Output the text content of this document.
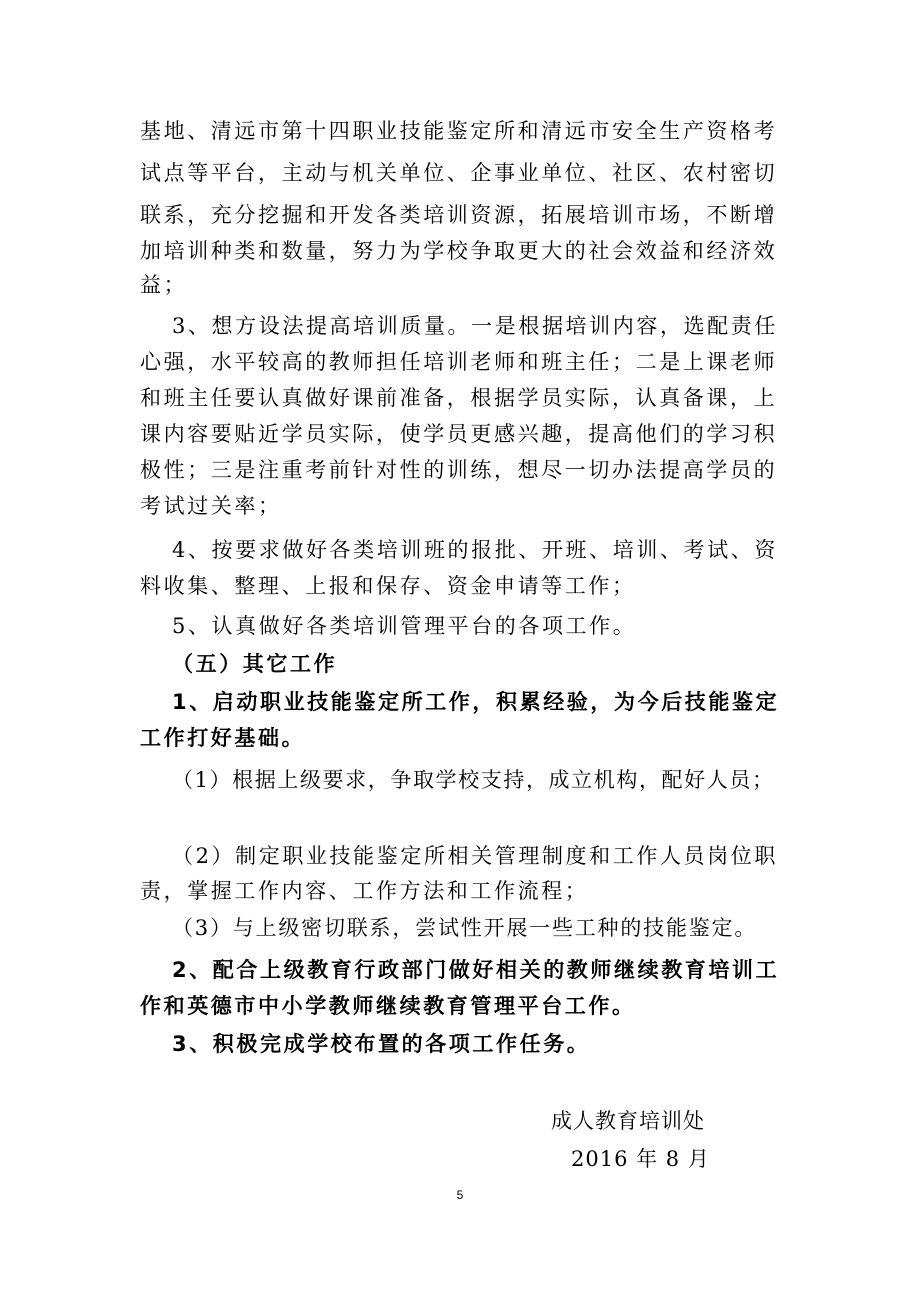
基地、清远市第十四职业技能鉴定所和清远市安全生产资格考
试点等平台，主动与机关单位、企事业单位、社区、农村密切
联系，充分挖掘和开发各类培训资源，拓展培训市场，不断增
加培训种类和数量，努力为学校争取更大的社会效益和经济效
益；
3、想方设法提高培训质量。一是根据培训内容，选配责任
心强，水平较高的教师担任培训老师和班主任；二是上课老师
和班主任要认真做好课前准备，根据学员实际，认真备课，上
课内容要贴近学员实际，使学员更感兴趣，提高他们的学习积
极性；三是注重考前针对性的训练，想尽一切办法提高学员的
考试过关率；
4、按要求做好各类培训班的报批、开班、培训、考试、资
料收集、整理、上报和保存、资金申请等工作；
5、认真做好各类培训管理平台的各项工作。
（五）其它工作
1、启动职业技能鉴定所工作，积累经验，为今后技能鉴定
工作打好基础。
（1）根据上级要求，争取学校支持，成立机构，配好人员；
（2）制定职业技能鉴定所相关管理制度和工作人员岗位职
责，掌握工作内容、工作方法和工作流程；
（3）与上级密切联系，尝试性开展一些工种的技能鉴定。
2、配合上级教育行政部门做好相关的教师继续教育培训工
作和英德市中小学教师继续教育管理平台工作。
3、积极完成学校布置的各项工作任务。
成人教育培训处
2016 年 8 月
5
